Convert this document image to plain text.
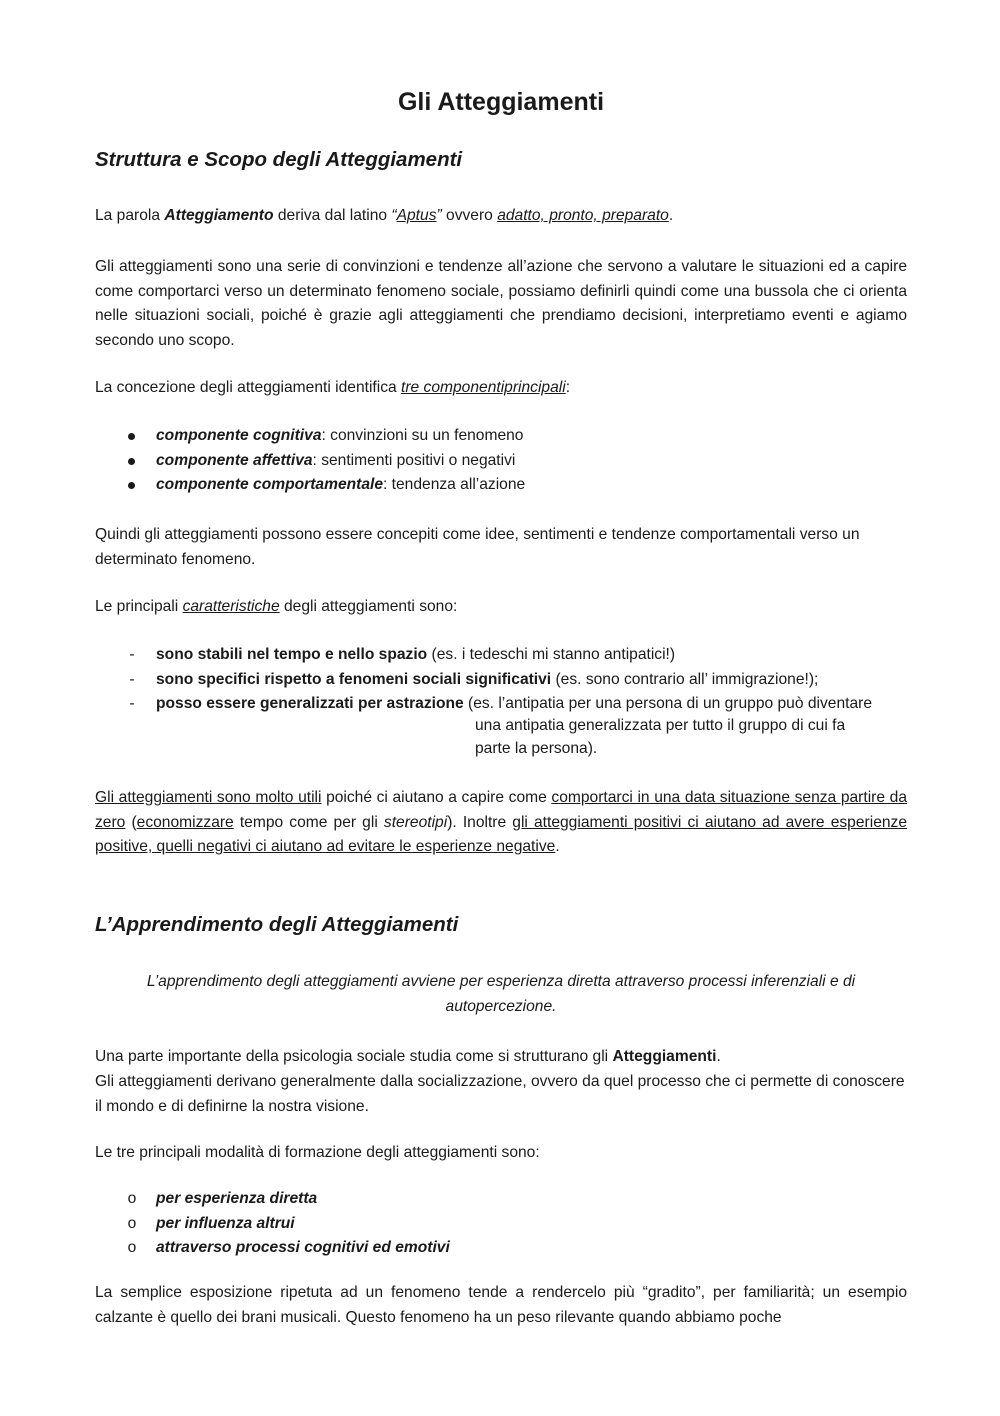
Gli Atteggiamenti
Struttura e Scopo degli Atteggiamenti

La parola Atteggiamento deriva dal latino “Aptus” ovvero adatto, pronto, preparato.

Gli atteggiamenti sono una serie di convinzioni e tendenze all’azione che servono a valutare le situazioni ed a capire come comportarci verso un determinato fenomeno sociale, possiamo definirli quindi come una bussola che ci orienta nelle situazioni sociali, poiché è grazie agli atteggiamenti che prendiamo decisioni, interpretiamo eventi e agiamo secondo uno scopo.

La concezione degli atteggiamenti identifica tre componentiprincipali:

componente cognitiva: convinzioni su un fenomeno
componente affettiva: sentimenti positivi o negativi
componente comportamentale: tendenza all’azione

Quindi gli atteggiamenti possono essere concepiti come idee, sentimenti e tendenze comportamentali verso un determinato fenomeno.

Le principali caratteristiche degli atteggiamenti sono:

- sono stabili nel tempo e nello spazio (es. i tedeschi mi stanno antipatici!)
- sono specifici rispetto a fenomeni sociali significativi (es. sono contrario all’ immigrazione!);
- posso essere generalizzati per astrazione (es. l’antipatia per una persona di un gruppo può diventare
una antipatia generalizzata per tutto il gruppo di cui fa
parte la persona).

Gli atteggiamenti sono molto utili poiché ci aiutano a capire come comportarci in una data situazione senza partire da zero (economizzare tempo come per gli stereotipi). Inoltre gli atteggiamenti positivi ci aiutano ad avere esperienze positive, quelli negativi ci aiutano ad evitare le esperienze negative.

L’Apprendimento degli Atteggiamenti

L’apprendimento degli atteggiamenti avviene per esperienza diretta attraverso processi inferenziali e di autopercezione.

Una parte importante della psicologia sociale studia come si strutturano gli Atteggiamenti.

Gli atteggiamenti derivano generalmente dalla socializzazione, ovvero da quel processo che ci permette di conoscere il mondo e di definirne la nostra visione.

Le tre principali modalità di formazione degli atteggiamenti sono:

o per esperienza diretta
o per influenza altrui
o attraverso processi cognitivi ed emotivi

La semplice esposizione ripetuta ad un fenomeno tende a rendercelo più “gradito”, per familiarità; un esempio calzante è quello dei brani musicali. Questo fenomeno ha un peso rilevante quando abbiamo poche
